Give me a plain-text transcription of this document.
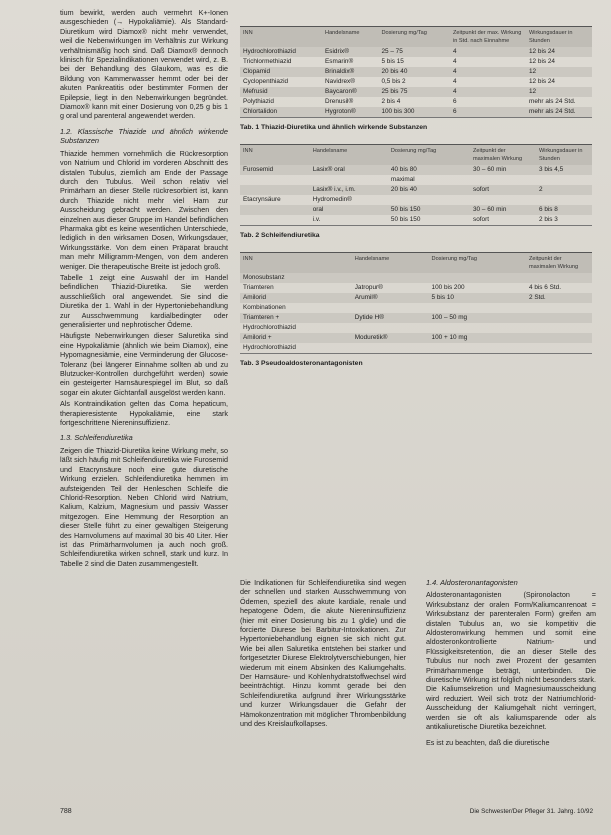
tium bewirkt, werden auch vermehrt K+-Ionen ausgeschieden (→ Hypokaliämie). Als Standard-Diuretikum wird Diamox® nicht mehr verwendet, weil die Nebenwirkungen im Verhältnis zur Wirkung verhältnismäßig hoch sind. Daß Diamox® dennoch klinisch für Spezialindikationen verwendet wird, z. B. bei der Behandlung des Glaukom, was es die Bildung von Kammerwasser hemmt oder bei der akuten Pankreatitis oder bestimmter Formen der Epilepsie, liegt in den Nebenwirkungen begründet. Diamox® kann mit einer Dosierung von 0,25 g bis 1 g oral und parenteral angewendet werden.

1.2. Klassische Thiazide und ähnlich wirkende Substanzen

Thiazide hemmen vornehmlich die Rückresorption von Natrium und Chlorid im vorderen Abschnitt des distalen Tubulus, ziemlich am Ende der Passage durch den Tubulus. Weil schon relativ viel Primärharn an dieser Stelle rückresorbiert ist, kann durch Thiazide nicht mehr viel Harn zur Ausscheidung gebracht werden. Zwischen den einzelnen aus dieser Gruppe im Handel befindlichen Pharmaka gibt es keine wesentlichen Unterschiede, lediglich in den wirksamen Dosen, Wirkungsdauer, Wirkungsstärke. Von dem einen Präparat braucht man mehr Milligramm-Mengen, von dem anderen weniger. Die therapeutische Breite ist jedoch groß.

Tabelle 1 zeigt eine Auswahl der im Handel befindlichen Thiazid-Diuretika. Sie werden ausschließlich oral angewendet. Sie sind die Diuretika der 1. Wahl in der Hypertoniebehandlung zur Ausschwemmung kardialbedingter oder generalisierter und nephrotischer Ödeme.

Häufigste Nebenwirkungen dieser Saluretika sind eine Hypokaliämie (ähnlich wie beim Diamox), eine Hypomagnesiämie, eine Verminderung der Glucose-Toleranz (bei längerer Einnahme sollten ab und zu Blutzucker-Kontrollen durchgeführt werden) sowie ein gesteigerter Harnsäurespiegel im Blut, so daß sogar ein akuter Gichtanfall ausgelöst werden kann.

Als Kontraindikation gelten das Coma hepaticum, therapieresistente Hypokaliämie, eine stark fortgeschrittene Niereninsuffizienz.

1.3. Schleifendiuretika

Zeigen die Thiazid-Diuretika keine Wirkung mehr, so läßt sich häufig mit Schleifendiuretika wie Furosemid und Etacrynsäure noch eine gute diuretische Wirkung erzielen. Schleifendiuretika hemmen im aufsteigenden Teil der Henleschen Schleife die Chlorid-Resorption. Neben Chlorid wird Natrium, Kalium, Kalzium, Magnesium und passiv Wasser mitgezogen. Eine Hemmung der Resorption an dieser Stelle führt zu einer gewaltigen Steigerung des Harnvolumens auf maximal 30 bis 40 Liter. Hier ist das Primärharnvolumen ja auch noch groß. Schleifendiuretika wirken schnell, stark und kurz. In Tabelle 2 sind die Daten zusammengestellt.

INN	Handelsname	Dosierung mg/Tag	Zeitpunkt der max. Wirkung in Std. nach Einnahme	Wirkungsdauer in Stunden
Hydrochlorothiazid	Esidrix®	25 – 75	4	12 bis 24
Trichlormethiazid	Esmarin®	5 bis 15	4	12 bis 24
Clopamid	Brinaldix®	20 bis 40	4	12
Cyclopenthiazid	Navidrex®	0,5 bis 2	4	12 bis 24
Mefrusid	Baycaron®	25 bis 75	4	12
Polythiazid	Drenusil®	2 bis 4	6	mehr als 24 Std.
Chlortalidon	Hygroton®	100 bis 300	6	mehr als 24 Std.
Tab. 1 Thiazid-Diuretika und ähnlich wirkende Substanzen
INN	Handelsname	Dosierung mg/Tag	Zeitpunkt der maximalen Wirkung	Wirkungsdauer in Stunden
Furosemid	Lasix® oral	40 bis 80	30 – 60 min	3 bis 4,5
		maximal		
	Lasix® i.v., i.m.	20 bis 40	sofort	2
Etacrynsäure	Hydromedin®			
	oral	50 bis 150	30 – 60 min	6 bis 8
	i.v.	50 bis 150	sofort	2 bis 3
Tab. 2 Schleifendiuretika
INN	Handelsname	Dosierung mg/Tag	Zeitpunkt der maximalen Wirkung
Monosubstanz			
Triamteren	Jatropur®	100 bis 200	4 bis 6 Std.
Amilorid	Arumil®	5 bis 10	2 Std.
Kombinationen			
Triamteren +	Dytide H®	100 – 50 mg	
Hydrochlorothiazid			
Amilorid +	Moduretik®	100 + 10 mg	
Hydrochlorothiazid			
Tab. 3 Pseudoaldosteronantagonisten

Die Indikationen für Schleifendiuretika sind wegen der schnellen und starken Ausschwemmung von Ödemen, speziell des akute kardiale, renale und hepatogene Ödem, die akute Niereninsuffizienz (hier mit einer Dosierung bis zu 1 g/die) und die forcierte Diurese bei Barbitur-Intoxikationen. Zur Hypertoniebehandlung eignen sie sich nicht gut. Wie bei allen Saluretika entstehen bei starker und fortgesetzter Diurese Elektrolytverschiebungen, hier wiederum mit einem Absinken des Kaliumgehalts. Der Harnsäure- und Kohlenhydratstoffwechsel wird beeinträchtigt. Hinzu kommt gerade bei den Schleifendiuretika aufgrund ihrer Wirkungsstärke und kurzer Wirkungsdauer die Gefahr der Hämokonzentration mit möglicher Thrombenbildung und des Kreislaufkollapses.

1.4. Aldosteronantagonisten

Aldosteronantagonisten (Spironolacton = Wirksubstanz der oralen Form/Kaliumcanrenoat = Wirksubstanz der parenteralen Form) greifen am distalen Tubulus an, wo sie kompetitiv die Aldosteronwirkung hemmen und somit eine aldosteronkontrollierte Natrium- und Flüssigkeitsretention, die an dieser Stelle des Tubulus nur noch zwei Prozent der gesamten Primärharnmenge beträgt, unterbinden. Die diuretische Wirkung ist folglich nicht besonders stark. Die Kaliumsekretion und Magnesiumausscheidung wird reduziert. Weil sich trotz der Natriumchlorid-Ausscheidung der Kaliumgehalt nicht verringert, werden sie oft als kaliumsparende oder als antikaliuretische Diuretika bezeichnet.

Es ist zu beachten, daß die diuretische

788	Die Schwester/Der Pfleger 31. Jahrg. 10/92
